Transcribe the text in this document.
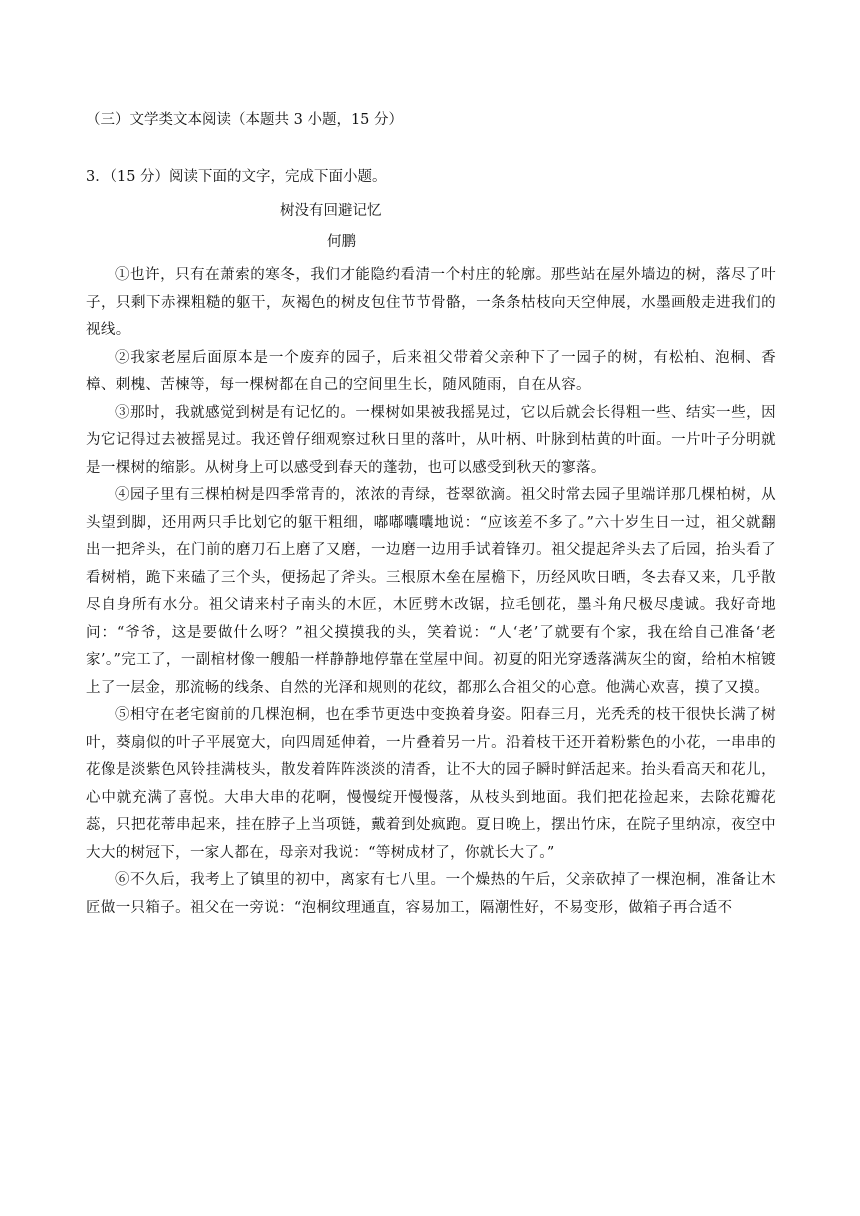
（三）文学类文本阅读（本题共 3 小题，15 分）
3．（15 分）阅读下面的文字，完成下面小题。
树没有回避记忆
何鹏

①也许，只有在萧索的寒冬，我们才能隐约看清一个村庄的轮廓。那些站在屋外墙边的树，落尽了叶子，只剩下赤裸粗糙的躯干，灰褐色的树皮包住节节骨骼，一条条枯枝向天空伸展，水墨画般走进我们的视线。

②我家老屋后面原本是一个废弃的园子，后来祖父带着父亲种下了一园子的树，有松柏、泡桐、香樟、刺槐、苦楝等，每一棵树都在自己的空间里生长，随风随雨，自在从容。

③那时，我就感觉到树是有记忆的。一棵树如果被我摇晃过，它以后就会长得粗一些、结实一些，因为它记得过去被摇晃过。我还曾仔细观察过秋日里的落叶，从叶柄、叶脉到枯黄的叶面。一片叶子分明就是一棵树的缩影。从树身上可以感受到春天的蓬勃，也可以感受到秋天的寥落。

④园子里有三棵柏树是四季常青的，浓浓的青绿，苍翠欲滴。祖父时常去园子里端详那几棵柏树，从头望到脚，还用两只手比划它的躯干粗细，嘟嘟囔囔地说：“应该差不多了。”六十岁生日一过，祖父就翻出一把斧头，在门前的磨刀石上磨了又磨，一边磨一边用手试着锋刃。祖父提起斧头去了后园，抬头看了看树梢，跪下来磕了三个头，便扬起了斧头。三根原木垒在屋檐下，历经风吹日晒，冬去春又来，几乎散尽自身所有水分。祖父请来村子南头的木匠，木匠劈木改锯，拉毛刨花，墨斗角尺极尽虔诚。我好奇地问：“爷爷，这是要做什么呀？”祖父摸摸我的头，笑着说：“人‘老’了就要有个家，我在给自己准备‘老家’。”完工了，一副棺材像一艘船一样静静地停靠在堂屋中间。初夏的阳光穿透落满灰尘的窗，给柏木棺镀上了一层金，那流畅的线条、自然的光泽和规则的花纹，都那么合祖父的心意。他满心欢喜，摸了又摸。

⑤相守在老宅窗前的几棵泡桐，也在季节更迭中变换着身姿。阳春三月，光秃秃的枝干很快长满了树叶，葵扇似的叶子平展宽大，向四周延伸着，一片叠着另一片。沿着枝干还开着粉紫色的小花，一串串的花像是淡紫色风铃挂满枝头，散发着阵阵淡淡的清香，让不大的园子瞬时鲜活起来。抬头看高天和花儿，心中就充满了喜悦。大串大串的花啊，慢慢绽开慢慢落，从枝头到地面。我们把花捡起来，去除花瓣花蕊，只把花蒂串起来，挂在脖子上当项链，戴着到处疯跑。夏日晚上，摆出竹床，在院子里纳凉，夜空中大大的树冠下，一家人都在，母亲对我说：“等树成材了，你就长大了。”

⑥不久后，我考上了镇里的初中，离家有七八里。一个燥热的午后，父亲砍掉了一棵泡桐，准备让木匠做一只箱子。祖父在一旁说：“泡桐纹理通直，容易加工，隔潮性好，不易变形，做箱子再合适不
